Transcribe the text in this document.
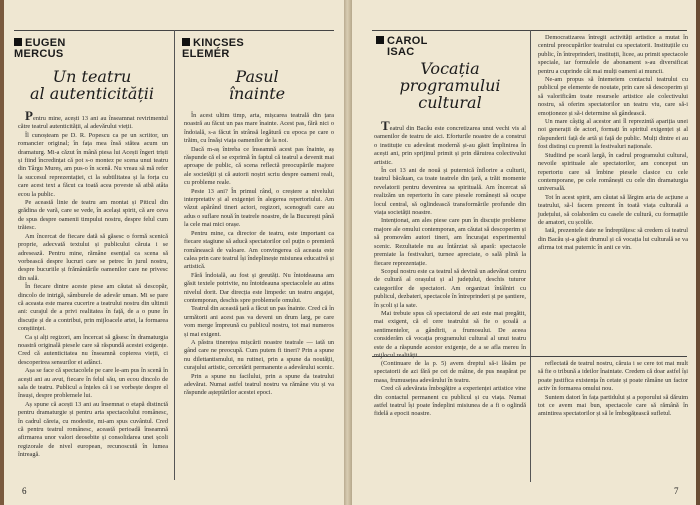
EUGEN
MERCUS
Un teatru
al autenticității

Pentru mine, acești 13 ani au înseamnat revirimentul către teatrul autenticității, al adevărului vieții.

Îl cunoșteam pe D. R. Popescu ca pe un scriitor, un romancier original; în fața mea însă stătea acum un dramaturg. Mi-a căzut în mână piesa lui Acești îngeri triști și fiind încredințat că pot s-o montez pe scena unui teatru din Târgu Mureș, am pus-o în scenă. Nu vreau să mă refer la succesul reprezentației, ci la subtilitatea și la forța cu care acest text a făcut ca toată acea poveste să aibă atâta ecou la public.

Pe această linie de teatru am montat și Piticul din grădina de vară, care se vede, în același spirit, că are ceva de spus despre oamenii timpului nostru, despre felul cum trăiesc.

Am încercat de fiecare dată să găsesc o formă scenică proprie, adecvată textului și publicului căruia i se adresează. Pentru mine, rămâne esențial ca scena să vorbească despre lucruri care se petrec în jurul nostru, despre bucuriile și frământările oamenilor care ne privesc din sală.

În fiecare dintre aceste piese am căutat să descopăr, dincolo de intrigă, sâmburele de adevăr uman. Mi se pare că aceasta este marea cucerire a teatrului nostru din ultimii ani: curajul de a privi realitatea în față, de a o pune în discuție și de a contribui, prin mijloacele artei, la formarea conștiinței.

Ca și alți regizori, am încercat să găsesc în dramaturgia noastră originală piesele care să răspundă acestei exigențe. Cred că autenticitatea nu înseamnă copierea vieții, ci descoperirea sensurilor ei adânci.

Așa se face că spectacolele pe care le-am pus în scenă în acești ani au avut, fiecare în felul său, un ecou dincolo de sala de teatru. Publicul a înțeles că i se vorbește despre el însuși, despre problemele lui.

Aș spune că acești 13 ani au însemnat o etapă distinctă pentru dramaturgie și pentru arta spectacolului românesc, în cadrul căreia, cu modestie, mi-am spus cuvântul. Cred că pentru teatrul românesc, această perioadă înseamnă afirmarea unor valori deosebite și consolidarea unei școli regizorale de nivel european, recunoscută în lumea întreagă.

KINCSES
ELEMÉR
Pasul
înainte

În acest ultim timp, arta, mișcarea teatrală din țara noastră au făcut un pas mare înainte. Acest pas, fără nici o îndoială, s-a făcut în strânsă legătură cu epoca pe care o trăim, cu însăși viața oamenilor de la noi.

Dacă m-aș întreba ce înseamnă acest pas înainte, aș răspunde că el se exprimă în faptul că teatrul a devenit mai aproape de public, că scena reflectă preocupările majore ale societății și că autorii noștri scriu despre oameni reali, cu probleme reale.

Peste 13 ani? În primul rând, o creștere a nivelului interpretativ și al exigenței în alegerea repertoriului. Am văzut apărând tineri actori, regizori, scenografi care au adus o suflare nouă în teatrele noastre, de la București până la cele mai mici orașe.

Pentru mine, ca director de teatru, este important ca fiecare stagiune să aducă spectatorilor cel puțin o premieră românească de valoare. Am convingerea că aceasta este calea prin care teatrul își îndeplinește misiunea educativă și artistică.

Fără îndoială, au fost și greutăți. Nu întotdeauna am găsit textele potrivite, nu întotdeauna spectacolele au atins nivelul dorit. Dar direcția este limpede: un teatru angajat, contemporan, deschis spre problemele omului.

Teatrul din această țară a făcut un pas înainte. Cred că în următorii ani acest pas va deveni un drum larg, pe care vom merge împreună cu publicul nostru, tot mai numeros și mai exigent.

A păstra tinerețea mișcării noastre teatrale — iată un gând care ne preocupă. Cum putem fi tineri? Prin a spune nu dilettantismului, nu rutinei, prin a spune da noutății, curajului artistic, cercetării permanente a adevărului scenic.

Prin a spune nu facilului, prin a spune da teatrului adevărat. Numai astfel teatrul nostru va rămâne viu și va răspunde așteptărilor acestei epoci.

6
CAROL
ISAC
Vocația
programului
cultural

Teatrul din Bacău este concretizarea unui vechi vis al oamenilor de teatru de aici. Eforturile noastre de a construi o instituție cu adevărat modernă și-au găsit împlinirea în acești ani, prin sprijinul primit și prin dăruirea colectivului artistic.

În cei 13 ani de nouă și puternică înflorire a culturii, teatrul băcăuan, ca toate teatrele din țară, a trăit momente revelatorii pentru devenirea sa spirituală. Am încercat să realizăm un repertoriu în care piesele românești să ocupe locul central, să oglindească transformările profunde din viața societății noastre.

Intenționat, am ales piese care pun în discuție probleme majore ale omului contemporan, am căutat să descoperim și să promovăm autori tineri, am încurajat experimentul scenic. Rezultatele nu au întârziat să apară: spectacole premiate la festivaluri, turnee apreciate, o sală plină la fiecare reprezentație.

Scopul nostru este ca teatrul să devină un adevărat centru de cultură al orașului și al județului, deschis tuturor categoriilor de spectatori. Am organizat întâlniri cu publicul, dezbateri, spectacole în întreprinderi și pe șantiere, în școli și la sate.

Mai trebuie spus că spectatorul de azi este mai pregătit, mai exigent, că el cere teatrului să fie o școală a sentimentelor, a gândirii, a frumosului. De aceea considerăm că vocația programului cultural al unui teatru este de a răspunde acestor exigențe, de a se afla mereu în

Democratizarea întregii activități artistice a mutat în centrul preocupărilor teatrului cu spectatorii. Instituțiile cu public, în întreprinderi, instituții, licee, au primit spectacole speciale, iar formulele de abonament s-au diversificat pentru a cuprinde cât mai mulți oameni ai muncii.

Ne-am propus să întemeiem contactul teatrului cu publicul pe elemente de noutate, prin care să descoperim și să valorificăm toate resursele artistice ale colectivului nostru, să oferim spectatorilor un teatru viu, care să-i emoționeze și să-i determine să gândească.

Un mare câștig al acestor ani îl reprezintă apariția unei noi generații de actori, formați în spiritul exigenței și al răspunderii față de artă și față de public. Mulți dintre ei au fost distinși cu premii la festivaluri naționale.

Studiind pe scară largă, în cadrul programului cultural, nevoile spirituale ale spectatorilor, am conceput un repertoriu care să îmbine piesele clasice cu cele contemporane, pe cele românești cu cele din dramaturgia universală.

Tot în acest spirit, am căutat să lărgim aria de acțiune a teatrului, să-l facem prezent în toată viața culturală a județului, să colaborăm cu casele de cultură, cu formațiile de amatori, cu școlile.

Iată, prezentele date ne îndreptățesc să credem că teatrul din Bacău și-a găsit drumul și că vocația lui culturală se va afirma tot mai puternic în anii ce vin.

(Continuare de la p. 5) avem dreptul să-i lăsăm pe spectatorii de azi fără pe cei de mâine, de pus neapărat pe masa, frumusețea adevărului în teatru.

Cred că adevărata îmbogățire a experienței artistice vine din contactul permanent cu publicul și cu viața. Numai astfel teatrul își poate îndeplini misiunea de a fi o oglindă fidelă a epocii noastre.

reflectată de teatrul nostru, căruia i se cere tot mai mult să fie o tribună a ideilor înaintate. Credem că doar astfel își poate justifica existența în cetate și poate rămâne un factor activ în formarea omului nou.

Suntem datori în fața partidului și a poporului să dăruim tot ce avem mai bun, spectacole care să rămână în amintirea spectatorilor și să le îmbogățească sufletul.

7
